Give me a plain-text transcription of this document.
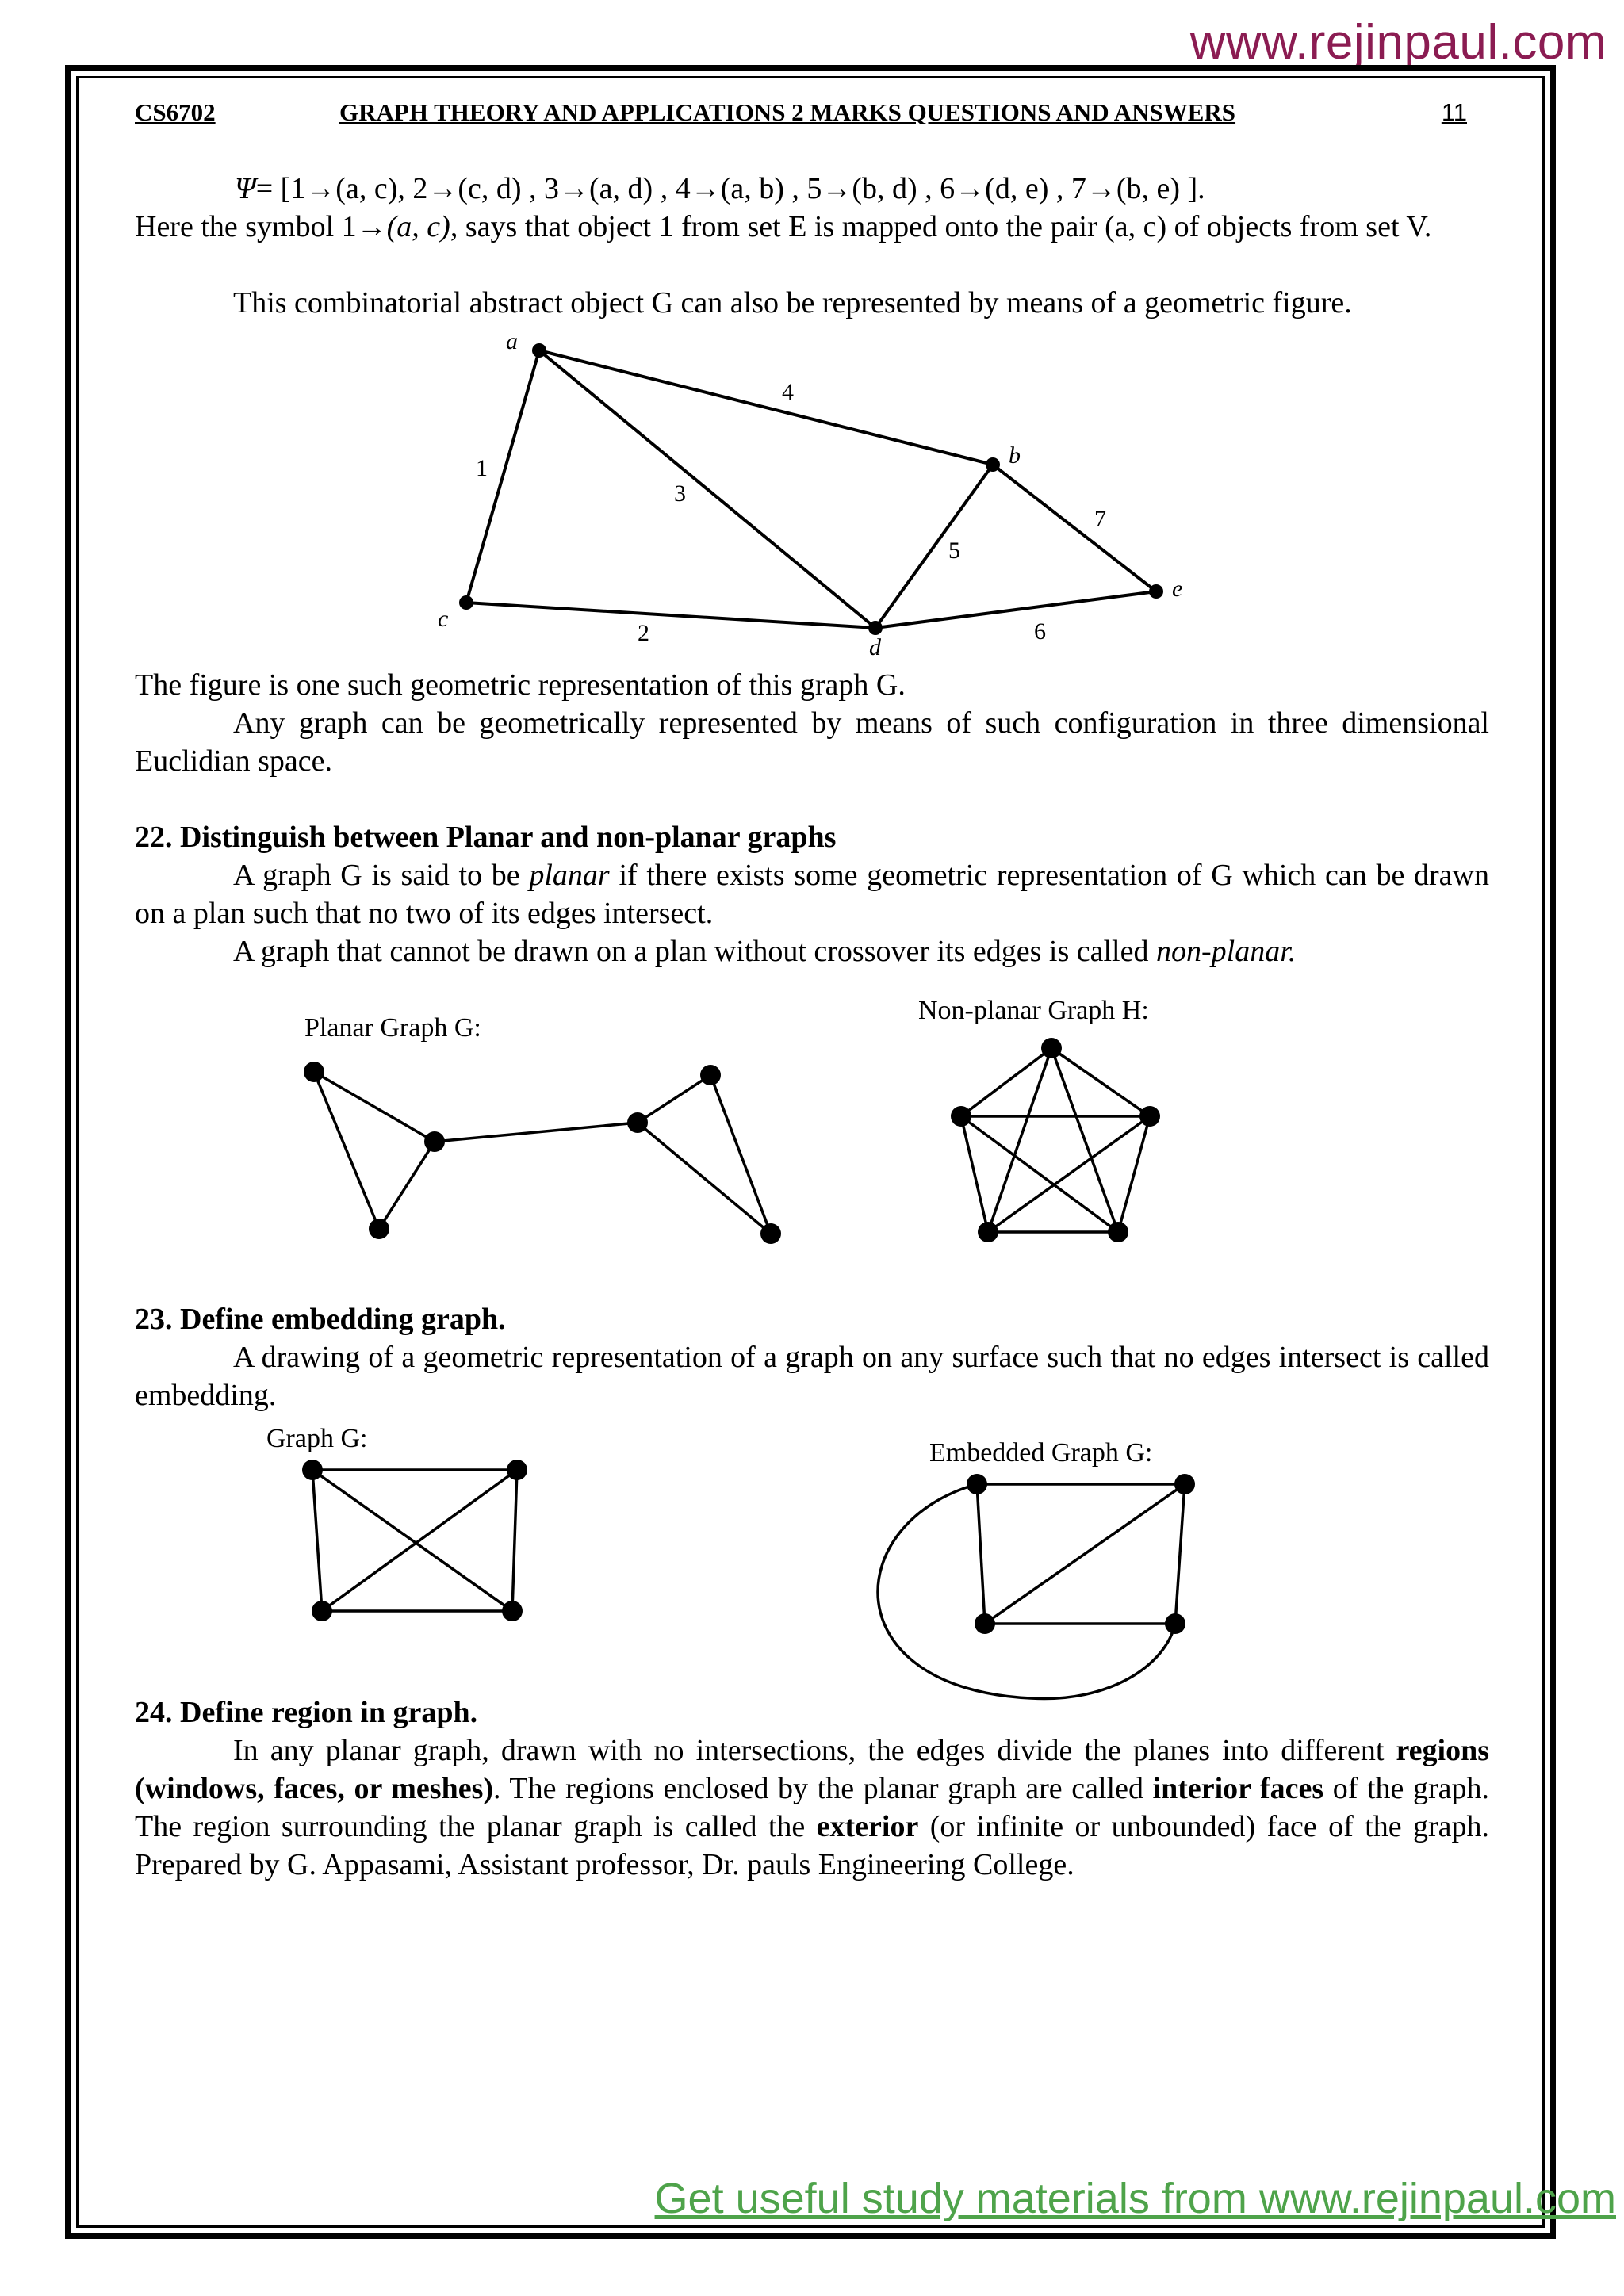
www.rejinpaul.com
CS6702	GRAPH THEORY AND APPLICATIONS 2 MARKS QUESTIONS AND ANSWERS	11

Ψ= [1→(a, c), 2→(c, d) , 3→(a, d) , 4→(a, b) , 5→(b, d) , 6→(d, e) , 7→(b, e) ].

Here the symbol 1→(a, c), says that object 1 from set E is mapped onto the pair (a, c) of objects from set V.

This combinatorial abstract object G can also be represented by means of a geometric figure.

a
b
c
d
e
1
2
3
4
5
6
7

The figure is one such geometric representation of this graph G.

Any graph can be geometrically represented by means of such configuration in three dimensional Euclidian space.

22. Distinguish between Planar and non-planar graphs

A graph G is said to be planar if there exists some geometric representation of G which can be drawn on a plan such that no two of its edges intersect.

A graph that cannot be drawn on a plan without crossover its edges is called non-planar.

Planar Graph G:
Non-planar Graph H:

23. Define embedding graph.

A drawing of a geometric representation of a graph on any surface such that no edges intersect is called embedding.

Graph G:	Embedded Graph G:

24. Define region in graph.

In any planar graph, drawn with no intersections, the edges divide the planes into different regions (windows, faces, or meshes). The regions enclosed by the planar graph are called interior faces of the graph. The region surrounding the planar graph is called the exterior (or infinite or unbounded) face of the graph. Prepared by G. Appasami, Assistant professor, Dr. pauls Engineering College.

Get useful study materials from www.rejinpaul.com
